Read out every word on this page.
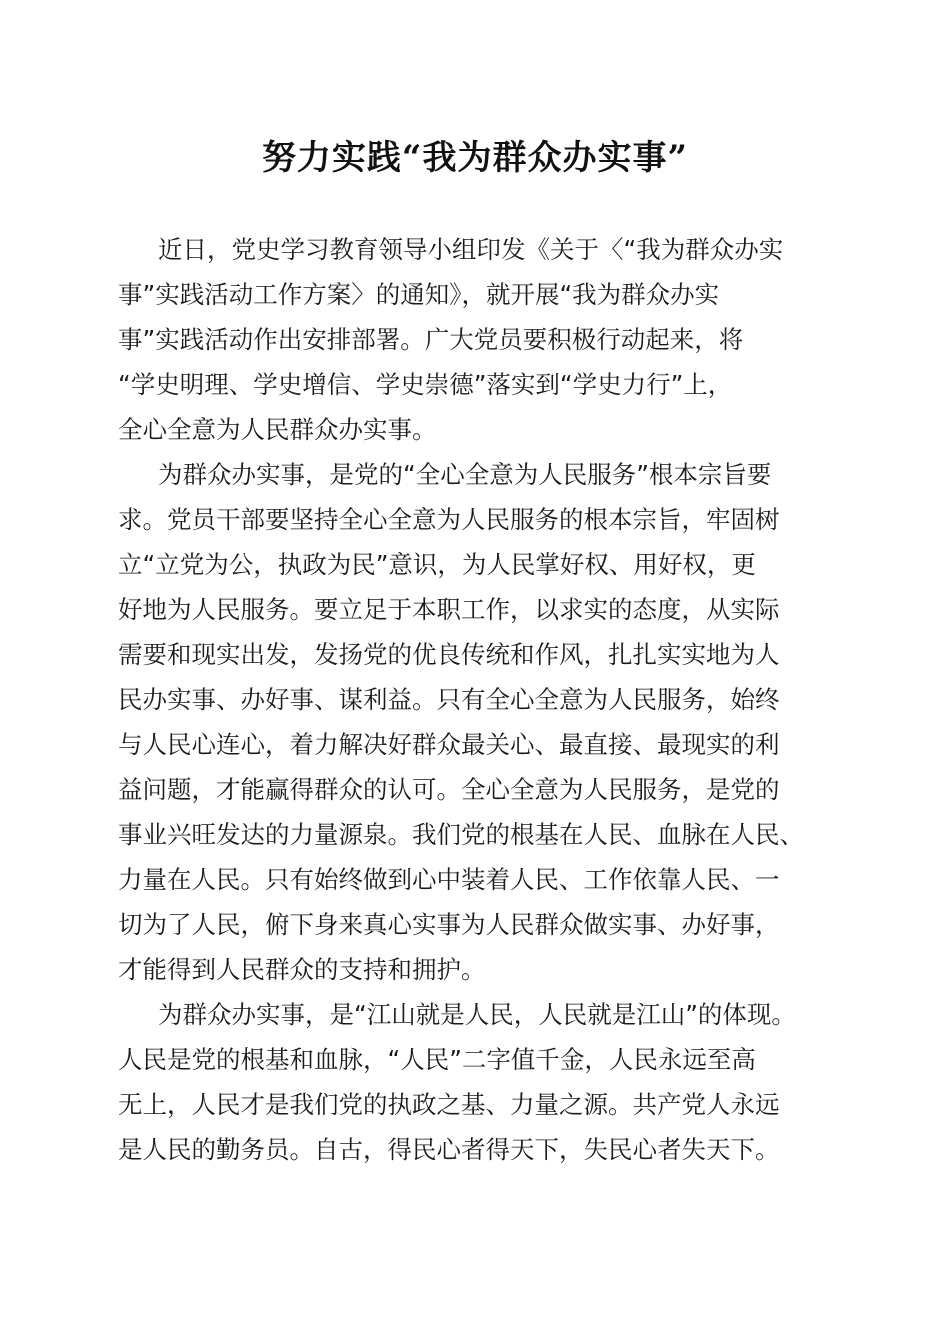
努力实践“我为群众办实事”
近日，党史学习教育领导小组印发《关于〈“我为群众办实
事”实践活动工作方案〉的通知》，就开展“我为群众办实
事”实践活动作出安排部署。广大党员要积极行动起来，将
“学史明理、学史增信、学史崇德”落实到“学史力行”上，
全心全意为人民群众办实事。
为群众办实事，是党的“全心全意为人民服务”根本宗旨要
求。党员干部要坚持全心全意为人民服务的根本宗旨，牢固树
立“立党为公，执政为民”意识，为人民掌好权、用好权，更
好地为人民服务。要立足于本职工作，以求实的态度，从实际
需要和现实出发，发扬党的优良传统和作风，扎扎实实地为人
民办实事、办好事、谋利益。只有全心全意为人民服务，始终
与人民心连心，着力解决好群众最关心、最直接、最现实的利
益问题，才能赢得群众的认可。全心全意为人民服务，是党的
事业兴旺发达的力量源泉。我们党的根基在人民、血脉在人民、
力量在人民。只有始终做到心中装着人民、工作依靠人民、一
切为了人民，俯下身来真心实事为人民群众做实事、办好事，
才能得到人民群众的支持和拥护。
为群众办实事，是“江山就是人民，人民就是江山”的体现。
人民是党的根基和血脉，“人民”二字值千金，人民永远至高
无上，人民才是我们党的执政之基、力量之源。共产党人永远
是人民的勤务员。自古，得民心者得天下，失民心者失天下。
